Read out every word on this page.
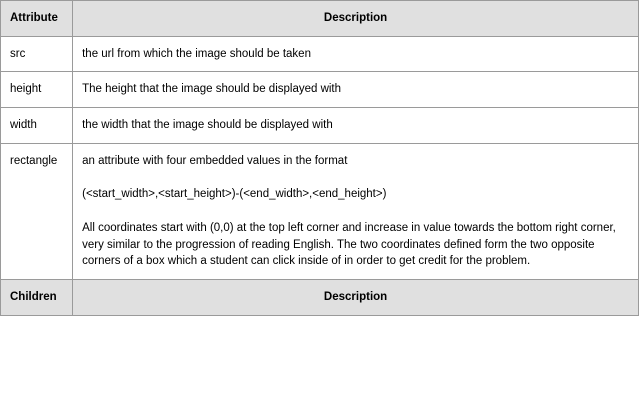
Attribute	Description
src	the url from which the image should be taken

height	The height that the image should be displayed with

width	the width that the image should be displayed with

rectangle	an attribute with four embedded values in the format

(<start_width>,<start_height>)-(<end_width>,<end_height>)

All coordinates start with (0,0) at the top left corner and increase in value towards the bottom right corner, very similar to the progression of reading English. The two coordinates defined form the two opposite corners of a box which a student can click inside of in order to get credit for the problem.

Children	Description
